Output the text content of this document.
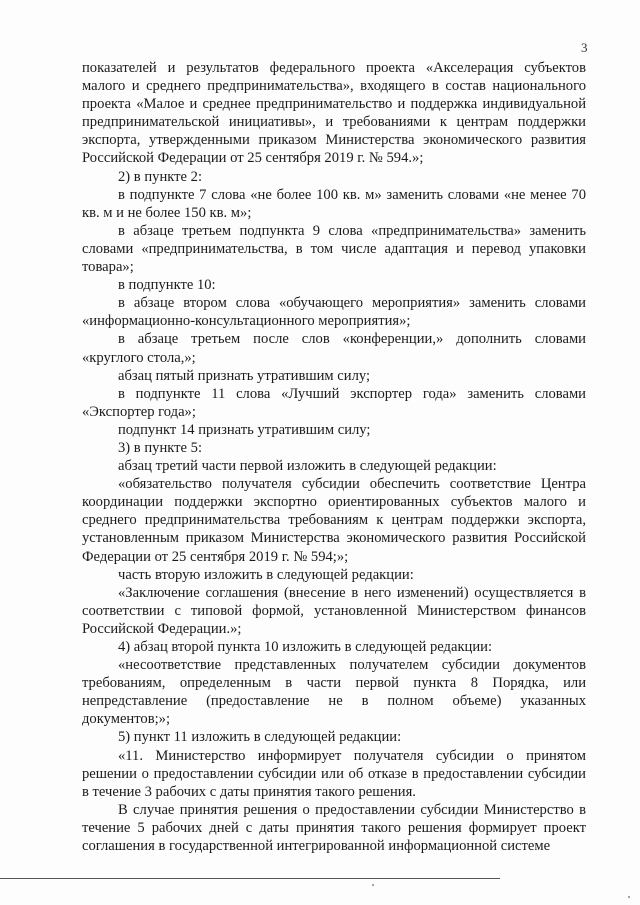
3

показателей и результатов федерального проекта «Акселерация субъектов малого и среднего предпринимательства», входящего в состав национального проекта «Малое и среднее предпринимательство и поддержка индивидуальной предпринимательской инициативы», и требованиями к центрам поддержки экспорта, утвержденными приказом Министерства экономического развития Российской Федерации от 25 сентября 2019 г. № 594.»;

2) в пункте 2:

в подпункте 7 слова «не более 100 кв. м» заменить словами «не менее 70 кв. м и не более 150 кв. м»;

в абзаце третьем подпункта 9 слова «предпринимательства» заменить словами «предпринимательства, в том числе адаптация и перевод упаковки товара»;

в подпункте 10:

в абзаце втором слова «обучающего мероприятия» заменить словами «информационно-консультационного мероприятия»;

в абзаце третьем после слов «конференции,» дополнить словами «круглого стола,»;

абзац пятый признать утратившим силу;

в подпункте 11 слова «Лучший экспортер года» заменить словами «Экспортер года»;

подпункт 14 признать утратившим силу;

3) в пункте 5:

абзац третий части первой изложить в следующей редакции:

«обязательство получателя субсидии обеспечить соответствие Центра координации поддержки экспортно ориентированных субъектов малого и среднего предпринимательства требованиям к центрам поддержки экспорта, установленным приказом Министерства экономического развития Российской Федерации от 25 сентября 2019 г. № 594;»;

часть вторую изложить в следующей редакции:

«Заключение соглашения (внесение в него изменений) осуществляется в соответствии с типовой формой, установленной Министерством финансов Российской Федерации.»;

4) абзац второй пункта 10 изложить в следующей редакции:

«несоответствие представленных получателем субсидии документов требованиям, определенным в части первой пункта 8 Порядка, или непредставление (предоставление не в полном объеме) указанных документов;»;

5) пункт 11 изложить в следующей редакции:

«11. Министерство информирует получателя субсидии о принятом решении о предоставлении субсидии или об отказе в предоставлении субсидии в течение 3 рабочих с даты принятия такого решения.

В случае принятия решения о предоставлении субсидии Министерство в течение 5 рабочих дней с даты принятия такого решения формирует проект соглашения в государственной интегрированной информационной системе
